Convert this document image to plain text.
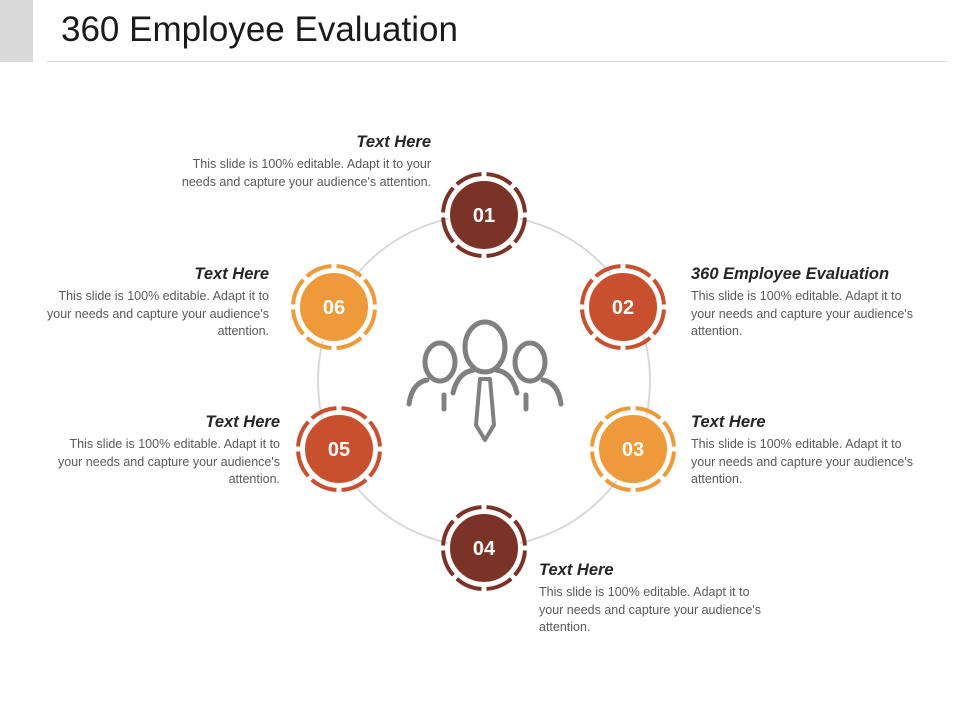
360 Employee Evaluation
01
02
03
04
05
06
Text Here
This slide is 100% editable. Adapt it to your needs and capture your audience's attention.
360 Employee Evaluation
This slide is 100% editable. Adapt it to your needs and capture your audience's attention.
Text Here
This slide is 100% editable. Adapt it to your needs and capture your audience's attention.
Text Here
This slide is 100% editable. Adapt it to your needs and capture your audience's attention.
Text Here
This slide is 100% editable. Adapt it to your needs and capture your audience's attention.
Text Here
This slide is 100% editable. Adapt it to your needs and capture your audience's attention.
